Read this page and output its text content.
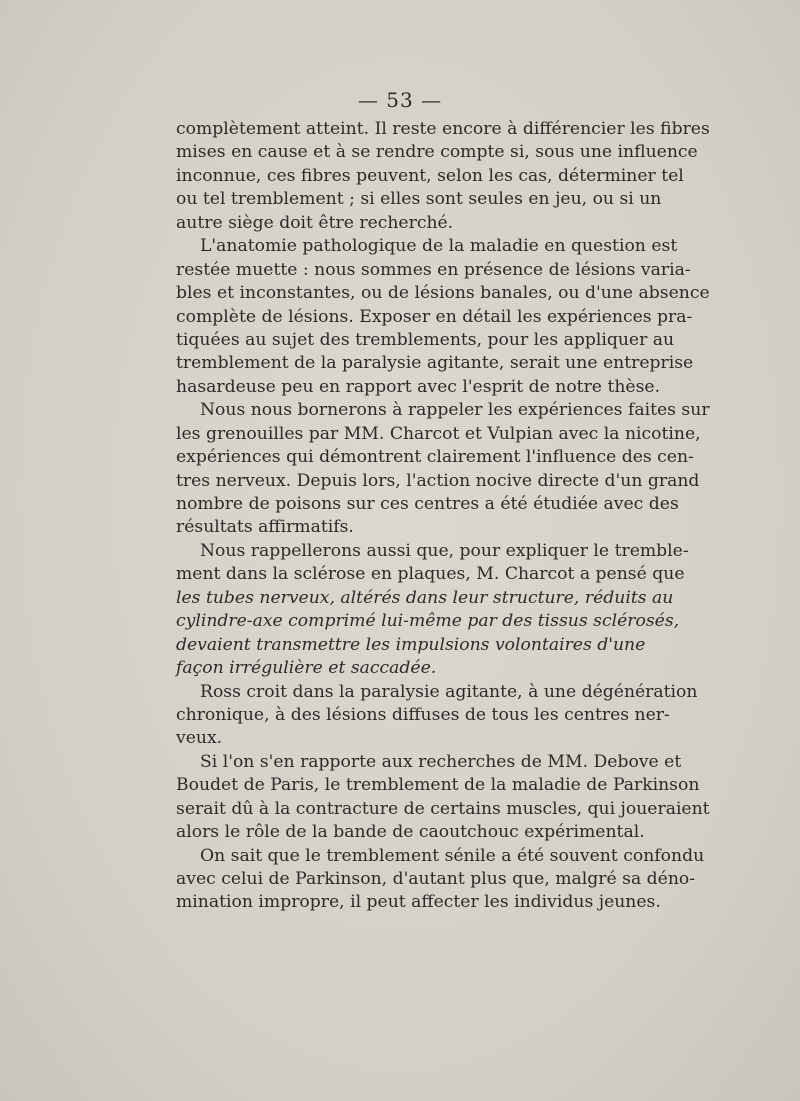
— 53 —
complètement atteint. Il reste encore à différencier les fibres
mises en cause et à se rendre compte si, sous une influence
inconnue, ces fibres peuvent, selon les cas, déterminer tel
ou tel tremblement ; si elles sont seules en jeu, ou si un
autre siège doit être recherché.
L'anatomie pathologique de la maladie en question est
restée muette : nous sommes en présence de lésions varia-
bles et inconstantes, ou de lésions banales, ou d'une absence
complète de lésions. Exposer en détail les expériences pra-
tiquées au sujet des tremblements, pour les appliquer au
tremblement de la paralysie agitante, serait une entreprise
hasardeuse peu en rapport avec l'esprit de notre thèse.
Nous nous bornerons à rappeler les expériences faites sur
les grenouilles par MM. Charcot et Vulpian avec la nicotine,
expériences qui démontrent clairement l'influence des cen-
tres nerveux. Depuis lors, l'action nocive directe d'un grand
nombre de poisons sur ces centres a été étudiée avec des
résultats affirmatifs.
Nous rappellerons aussi que, pour expliquer le tremble-
ment dans la sclérose en plaques, M. Charcot a pensé que
les tubes nerveux, altérés dans leur structure, réduits au
cylindre-axe comprimé lui-même par des tissus sclérosés,
devaient transmettre les impulsions volontaires d'une
façon irrégulière et saccadée.
Ross croit dans la paralysie agitante, à une dégénération
chronique, à des lésions diffuses de tous les centres ner-
veux.
Si l'on s'en rapporte aux recherches de MM. Debove et
Boudet de Paris, le tremblement de la maladie de Parkinson
serait dû à la contracture de certains muscles, qui joueraient
alors le rôle de la bande de caoutchouc expérimental.
On sait que le tremblement sénile a été souvent confondu
avec celui de Parkinson, d'autant plus que, malgré sa déno-
mination impropre, il peut affecter les individus jeunes.
